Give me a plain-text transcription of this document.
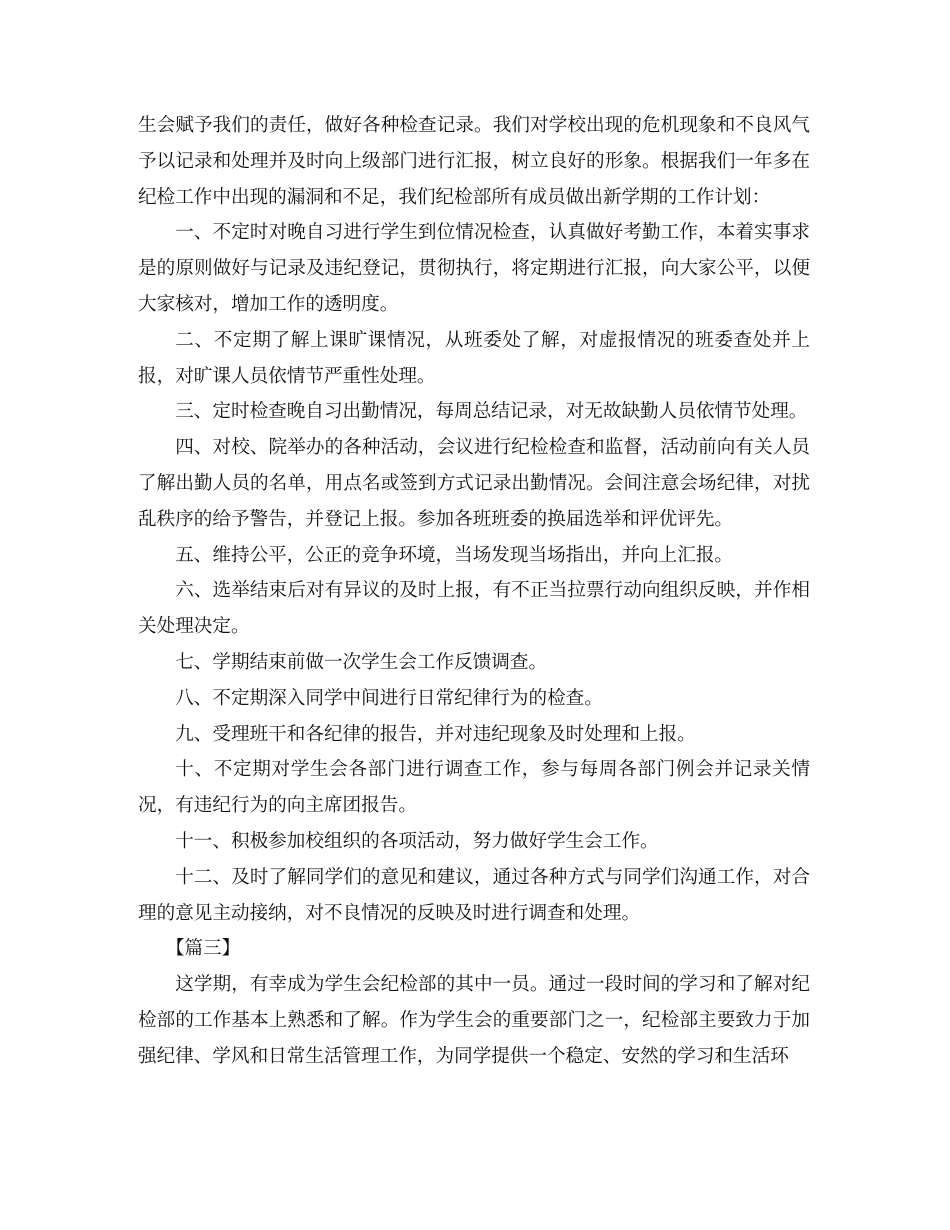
生会赋予我们的责任，做好各种检查记录。我们对学校出现的危机现象和不良风气予以记录和处理并及时向上级部门进行汇报，树立良好的形象。根据我们一年多在纪检工作中出现的漏洞和不足，我们纪检部所有成员做出新学期的工作计划：

一、不定时对晚自习进行学生到位情况检查，认真做好考勤工作，本着实事求是的原则做好与记录及违纪登记，贯彻执行，将定期进行汇报，向大家公平，以便大家核对，增加工作的透明度。

二、不定期了解上课旷课情况，从班委处了解，对虚报情况的班委查处并上报，对旷课人员依情节严重性处理。

三、定时检查晚自习出勤情况，每周总结记录，对无故缺勤人员依情节处理。

四、对校、院举办的各种活动，会议进行纪检检查和监督，活动前向有关人员了解出勤人员的名单，用点名或签到方式记录出勤情况。会间注意会场纪律，对扰乱秩序的给予警告，并登记上报。参加各班班委的换届选举和评优评先。

五、维持公平，公正的竞争环境，当场发现当场指出，并向上汇报。

六、选举结束后对有异议的及时上报，有不正当拉票行动向组织反映，并作相关处理决定。

七、学期结束前做一次学生会工作反馈调查。

八、不定期深入同学中间进行日常纪律行为的检查。

九、受理班干和各纪律的报告，并对违纪现象及时处理和上报。

十、不定期对学生会各部门进行调查工作，参与每周各部门例会并记录关情况，有违纪行为的向主席团报告。

十一、积极参加校组织的各项活动，努力做好学生会工作。

十二、及时了解同学们的意见和建议，通过各种方式与同学们沟通工作，对合理的意见主动接纳，对不良情况的反映及时进行调查和处理。

【篇三】

这学期，有幸成为学生会纪检部的其中一员。通过一段时间的学习和了解对纪检部的工作基本上熟悉和了解。作为学生会的重要部门之一，纪检部主要致力于加强纪律、学风和日常生活管理工作，为同学提供一个稳定、安然的学习和生活环
